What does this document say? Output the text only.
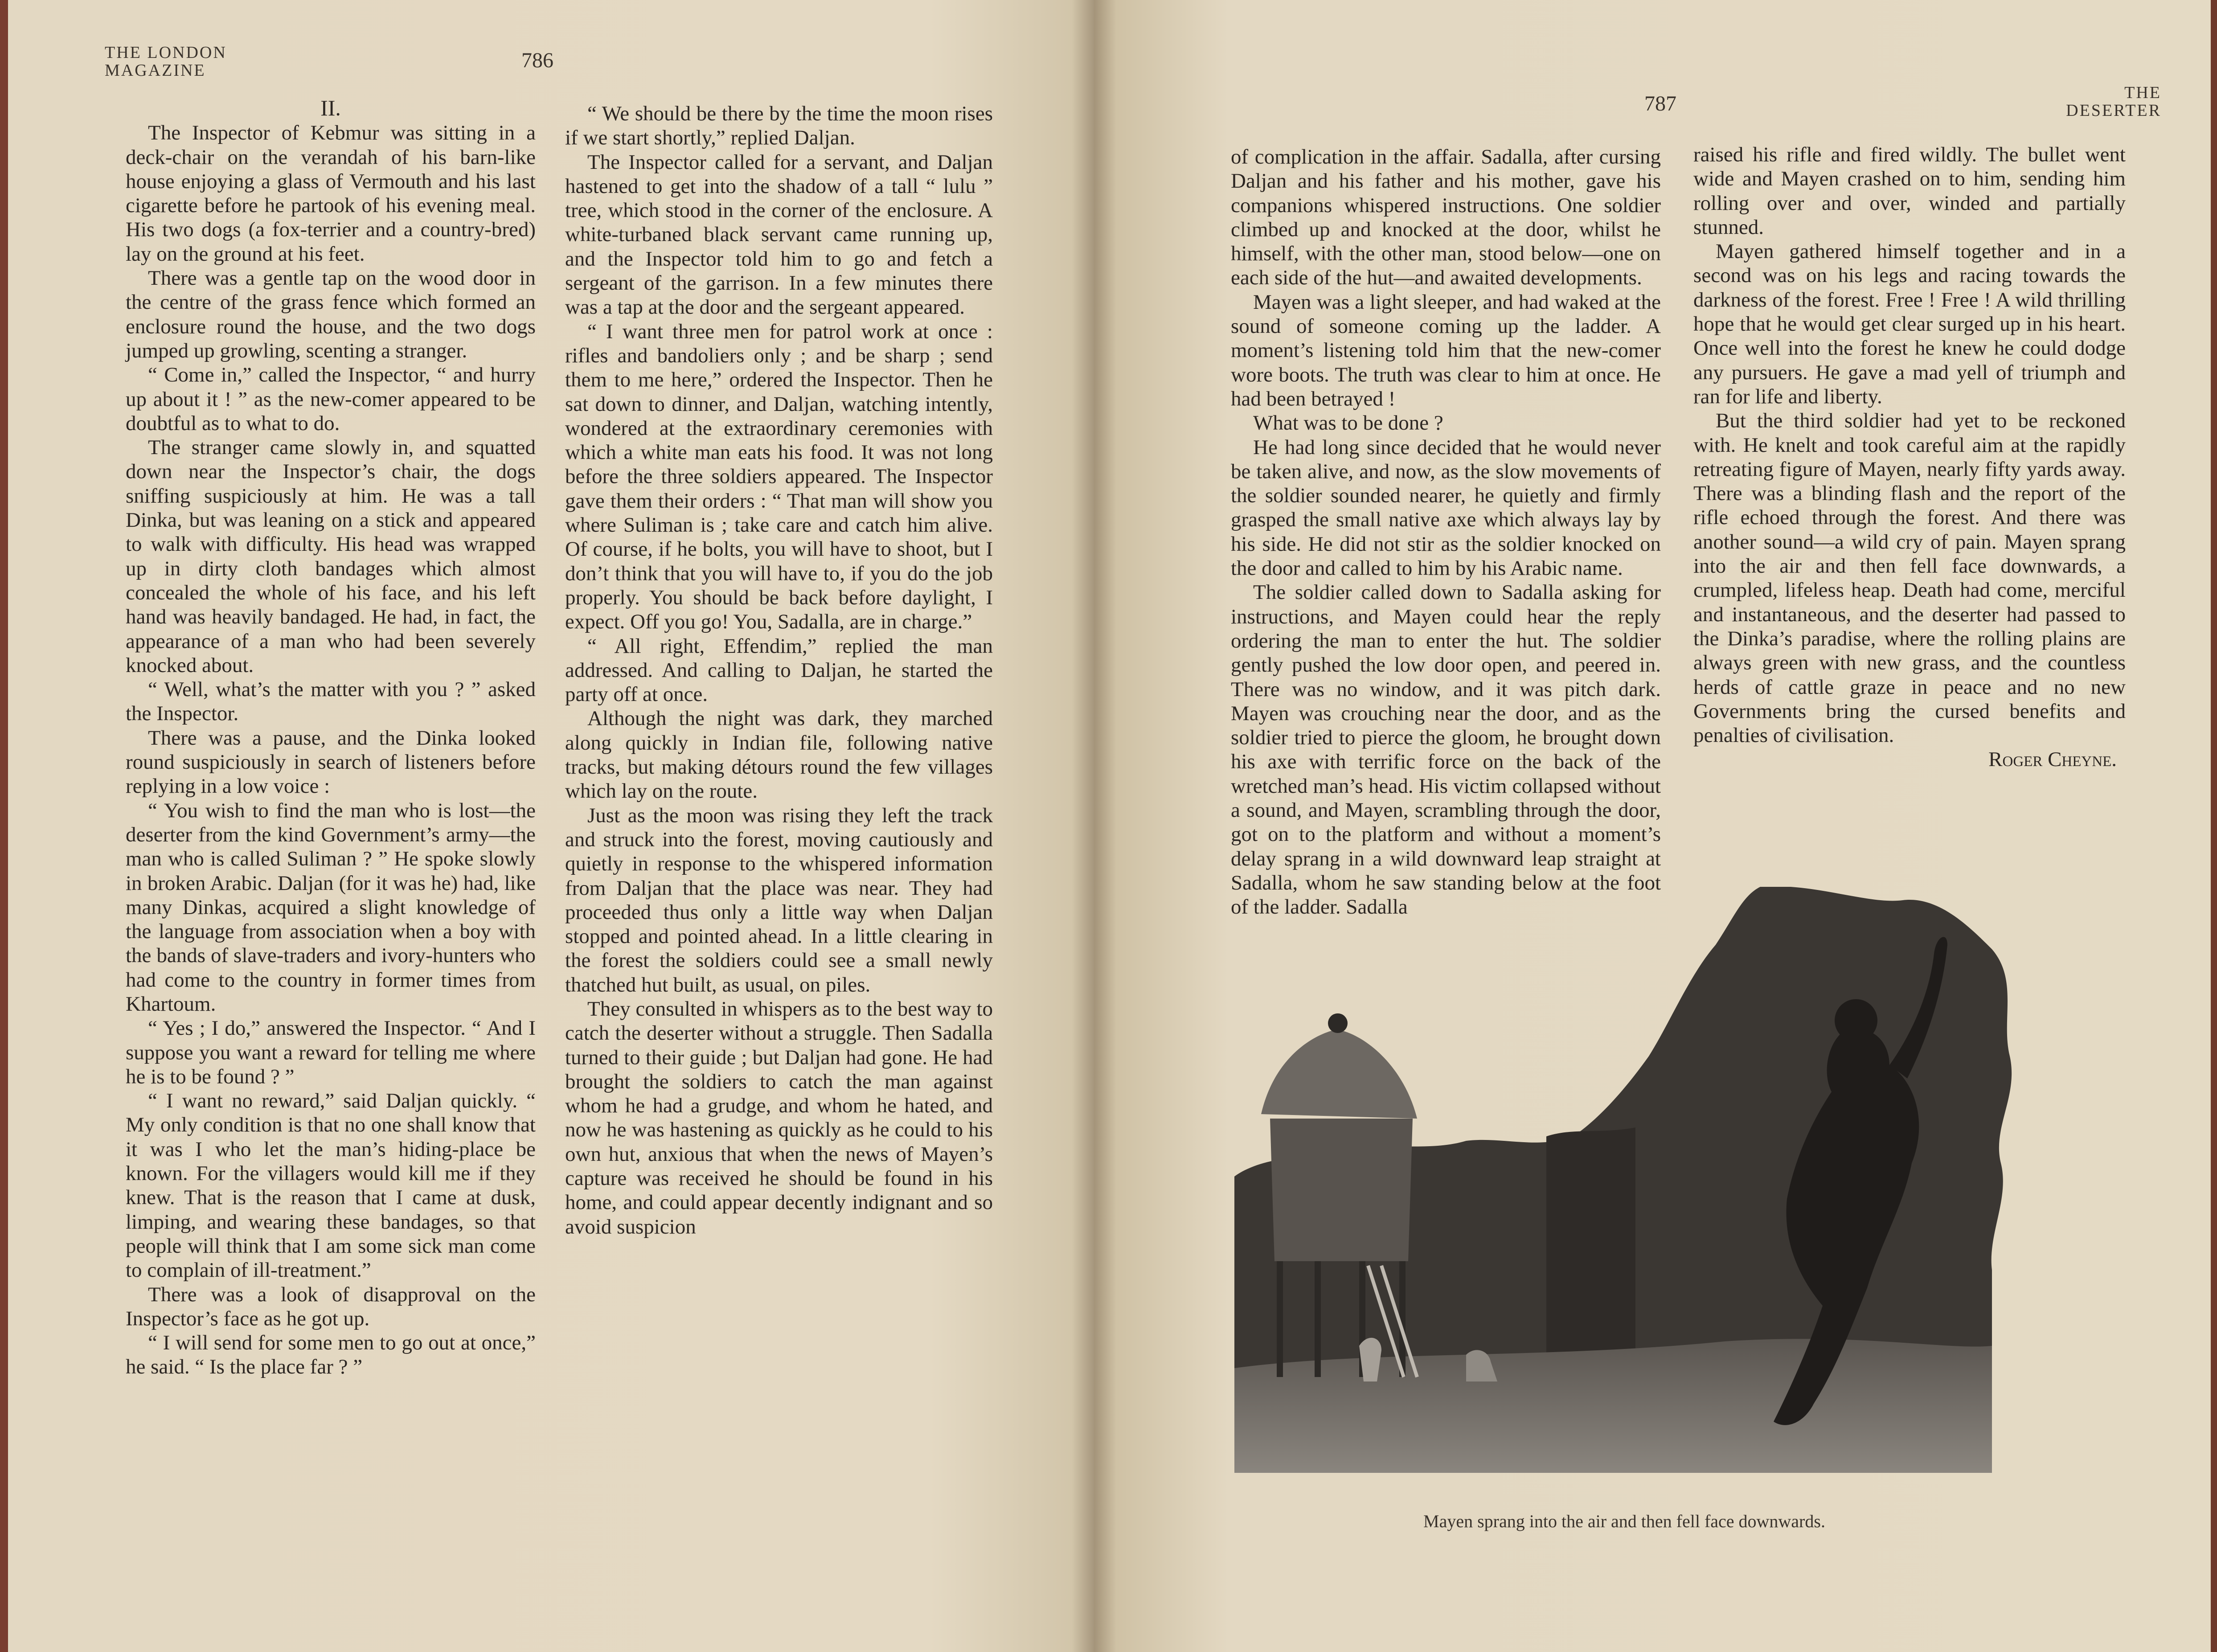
THE LONDON
MAGAZINE	786
787	THE
DESERTER

II.

The Inspector of Kebmur was sitting in a deck-chair on the verandah of his barn-like house enjoying a glass of Vermouth and his last cigarette before he partook of his evening meal. His two dogs (a fox-terrier and a country-bred) lay on the ground at his feet.

There was a gentle tap on the wood door in the centre of the grass fence which formed an enclosure round the house, and the two dogs jumped up growling, scenting a stranger.

“ Come in,” called the Inspector, “ and hurry up about it ! ” as the new-comer appeared to be doubtful as to what to do.

The stranger came slowly in, and squatted down near the Inspector’s chair, the dogs sniffing suspiciously at him. He was a tall Dinka, but was leaning on a stick and appeared to walk with difficulty. His head was wrapped up in dirty cloth bandages which almost concealed the whole of his face, and his left hand was heavily bandaged. He had, in fact, the appearance of a man who had been severely knocked about.

“ Well, what’s the matter with you ? ” asked the Inspector.

There was a pause, and the Dinka looked round suspiciously in search of listeners before replying in a low voice :

“ You wish to find the man who is lost—the deserter from the kind Government’s army—the man who is called Suliman ? ” He spoke slowly in broken Arabic. Daljan (for it was he) had, like many Dinkas, acquired a slight knowledge of the language from association when a boy with the bands of slave-traders and ivory-hunters who had come to the country in former times from Khartoum.

“ Yes ; I do,” answered the Inspector. “ And I suppose you want a reward for telling me where he is to be found ? ”

“ I want no reward,” said Daljan quickly. “ My only condition is that no one shall know that it was I who let the man’s hiding-place be known. For the villagers would kill me if they knew. That is the reason that I came at dusk, limping, and wearing these bandages, so that people will think that I am some sick man come to complain of ill-treatment.”

There was a look of disapproval on the Inspector’s face as he got up.

“ I will send for some men to go out at once,” he said. “ Is the place far ? ”

“ We should be there by the time the moon rises if we start shortly,” replied Daljan.

The Inspector called for a servant, and Daljan hastened to get into the shadow of a tall “ lulu ” tree, which stood in the corner of the enclosure. A white-turbaned black servant came running up, and the Inspector told him to go and fetch a sergeant of the garrison. In a few minutes there was a tap at the door and the sergeant appeared.

“ I want three men for patrol work at once : rifles and bandoliers only ; and be sharp ; send them to me here,” ordered the Inspector. Then he sat down to dinner, and Daljan, watching intently, wondered at the extraordinary ceremonies with which a white man eats his food. It was not long before the three soldiers appeared. The Inspector gave them their orders : “ That man will show you where Suliman is ; take care and catch him alive. Of course, if he bolts, you will have to shoot, but I don’t think that you will have to, if you do the job properly. You should be back before daylight, I expect. Off you go! You, Sadalla, are in charge.”

“ All right, Effendim,” replied the man addressed. And calling to Daljan, he started the party off at once.

Although the night was dark, they marched along quickly in Indian file, following native tracks, but making détours round the few villages which lay on the route.

Just as the moon was rising they left the track and struck into the forest, moving cautiously and quietly in response to the whispered information from Daljan that the place was near. They had proceeded thus only a little way when Daljan stopped and pointed ahead. In a little clearing in the forest the soldiers could see a small newly thatched hut built, as usual, on piles.

They consulted in whispers as to the best way to catch the deserter without a struggle. Then Sadalla turned to their guide ; but Daljan had gone. He had brought the soldiers to catch the man against whom he had a grudge, and whom he hated, and now he was hastening as quickly as he could to his own hut, anxious that when the news of Mayen’s capture was received he should be found in his home, and could appear decently indignant and so avoid suspicion

of complication in the affair. Sadalla, after cursing Daljan and his father and his mother, gave his companions whispered instructions. One soldier climbed up and knocked at the door, whilst he himself, with the other man, stood below—one on each side of the hut—and awaited developments.

Mayen was a light sleeper, and had waked at the sound of someone coming up the ladder. A moment’s listening told him that the new-comer wore boots. The truth was clear to him at once. He had been betrayed !

What was to be done ?

He had long since decided that he would never be taken alive, and now, as the slow movements of the soldier sounded nearer, he quietly and firmly grasped the small native axe which always lay by his side. He did not stir as the soldier knocked on the door and called to him by his Arabic name.

The soldier called down to Sadalla asking for instructions, and Mayen could hear the reply ordering the man to enter the hut. The soldier gently pushed the low door open, and peered in. There was no window, and it was pitch dark. Mayen was crouching near the door, and as the soldier tried to pierce the gloom, he brought down his axe with terrific force on the back of the wretched man’s head. His victim collapsed without a sound, and Mayen, scrambling through the door, got on to the platform and without a moment’s delay sprang in a wild downward leap straight at Sadalla, whom he saw standing below at the foot of the ladder. Sadalla

raised his rifle and fired wildly. The bullet went wide and Mayen crashed on to him, sending him rolling over and over, winded and partially stunned.

Mayen gathered himself together and in a second was on his legs and racing towards the darkness of the forest. Free ! Free ! A wild thrilling hope that he would get clear surged up in his heart. Once well into the forest he knew he could dodge any pursuers. He gave a mad yell of triumph and ran for life and liberty.

But the third soldier had yet to be reckoned with. He knelt and took careful aim at the rapidly retreating figure of Mayen, nearly fifty yards away. There was a blinding flash and the report of the rifle echoed through the forest. And there was another sound—a wild cry of pain. Mayen sprang into the air and then fell face downwards, a crumpled, lifeless heap. Death had come, merciful and instantaneous, and the deserter had passed to the Dinka’s paradise, where the rolling plains are always green with new grass, and the countless herds of cattle graze in peace and no new Governments bring the cursed benefits and penalties of civilisation.

Roger Cheyne.

Mayen sprang into the air and then fell face downwards.
